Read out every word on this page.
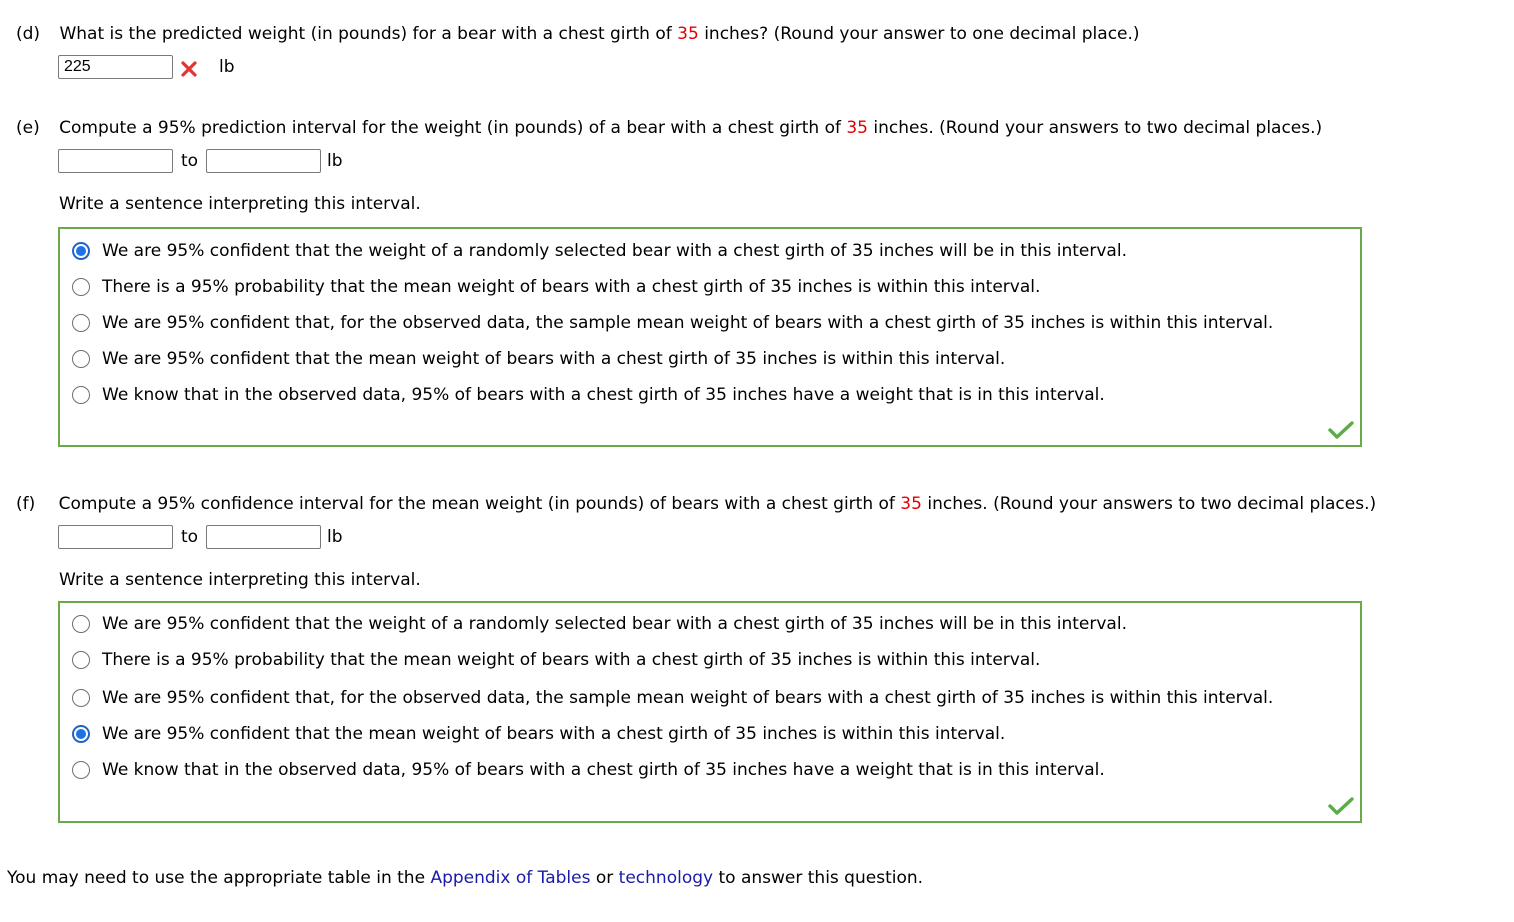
(d) What is the predicted weight (in pounds) for a bear with a chest girth of 35 inches? (Round your answer to one decimal place.)
225
lb
(e) Compute a 95% prediction interval for the weight (in pounds) of a bear with a chest girth of 35 inches. (Round your answers to two decimal places.)
to	lb
Write a sentence interpreting this interval.
We are 95% confident that the weight of a randomly selected bear with a chest girth of 35 inches will be in this interval.
There is a 95% probability that the mean weight of bears with a chest girth of 35 inches is within this interval.
We are 95% confident that, for the observed data, the sample mean weight of bears with a chest girth of 35 inches is within this interval.
We are 95% confident that the mean weight of bears with a chest girth of 35 inches is within this interval.
We know that in the observed data, 95% of bears with a chest girth of 35 inches have a weight that is in this interval.
(f) Compute a 95% confidence interval for the mean weight (in pounds) of bears with a chest girth of 35 inches. (Round your answers to two decimal places.)
to	lb
Write a sentence interpreting this interval.
We are 95% confident that the weight of a randomly selected bear with a chest girth of 35 inches will be in this interval.
There is a 95% probability that the mean weight of bears with a chest girth of 35 inches is within this interval.
We are 95% confident that, for the observed data, the sample mean weight of bears with a chest girth of 35 inches is within this interval.
We are 95% confident that the mean weight of bears with a chest girth of 35 inches is within this interval.
We know that in the observed data, 95% of bears with a chest girth of 35 inches have a weight that is in this interval.
You may need to use the appropriate table in the Appendix of Tables or technology to answer this question.
